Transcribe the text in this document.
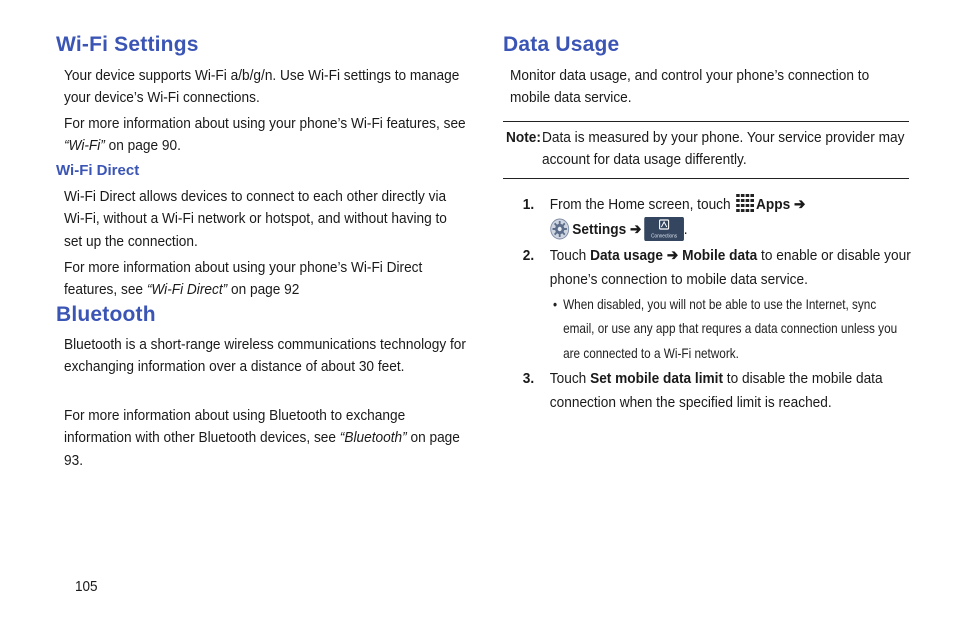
Wi-Fi Settings

Your device supports Wi-Fi a/b/g/n. Use Wi-Fi settings to manage your device’s Wi-Fi connections.

For more information about using your phone’s Wi-Fi features, see “Wi-Fi” on page 90.

Wi-Fi Direct

Wi-Fi Direct allows devices to connect to each other directly via Wi-Fi, without a Wi-Fi network or hotspot, and without having to set up the connection.

For more information about using your phone’s Wi-Fi Direct features, see “Wi-Fi Direct” on page 92

Bluetooth

Bluetooth is a short-range wireless communications technology for exchanging information over a distance of about 30 feet.

For more information about using Bluetooth to exchange information with other Bluetooth devices, see “Bluetooth” on page 93.

Data Usage

Monitor data usage, and control your phone’s connection to mobile data service.

Note: Data is measured by your phone. Your service provider may account for data usage differently.

1. From the Home screen, touch Apps ➔
Settings ➔ Connections .
2. Touch Data usage ➔ Mobile data to enable or disable your phone’s connection to mobile data service.
• When disabled, you will not be able to use the Internet, sync email, or use any app that requres a data connection unless you are connected to a Wi-Fi network.
3. Touch Set mobile data limit to disable the mobile data connection when the specified limit is reached.
105
